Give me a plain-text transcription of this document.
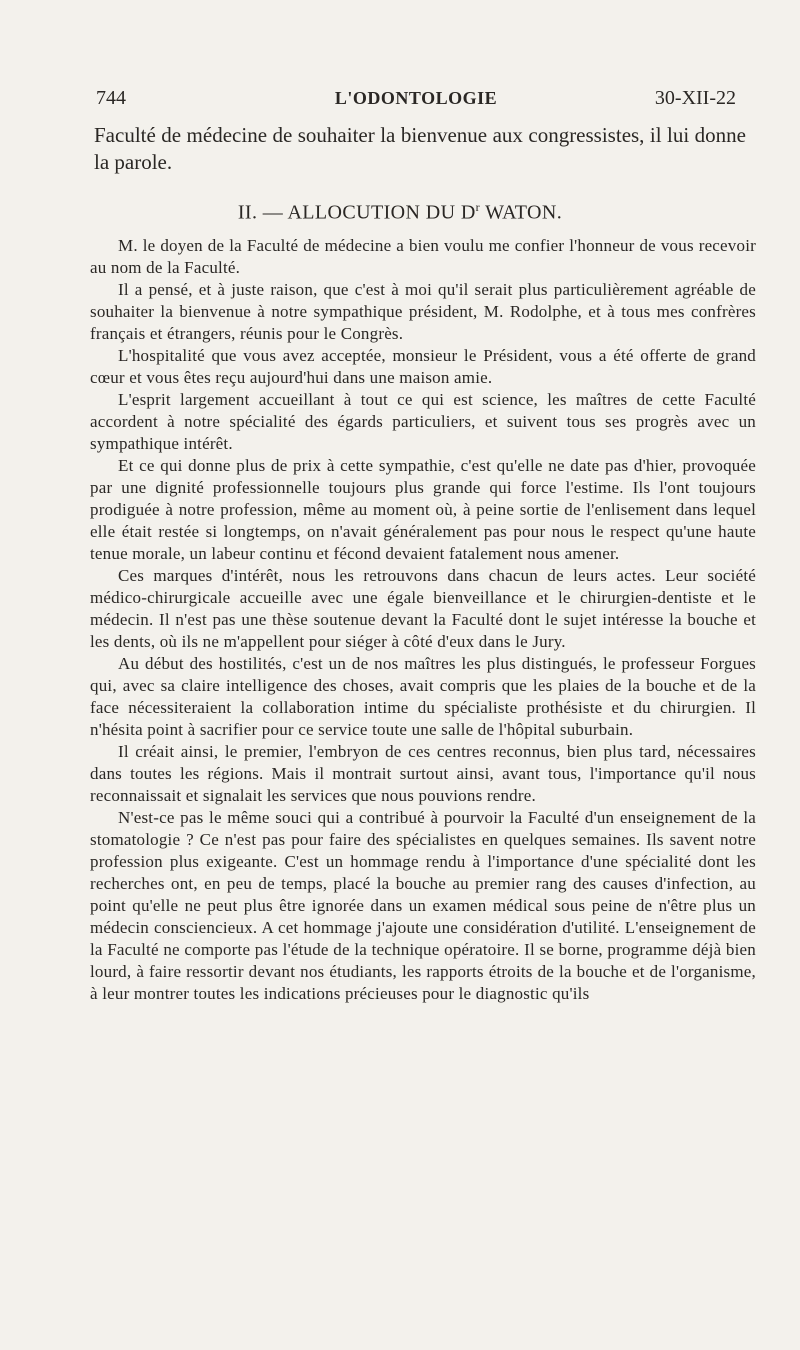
744	L'ODONTOLOGIE	30-XII-22

Faculté de médecine de souhaiter la bienvenue aux congressistes, il lui donne la parole.

II. — ALLOCUTION DU $D^r$ WATON.

M. le doyen de la Faculté de médecine a bien voulu me confier l'honneur de vous recevoir au nom de la Faculté.

Il a pensé, et à juste raison, que c'est à moi qu'il serait plus particulièrement agréable de souhaiter la bienvenue à notre sympathique président, M. Rodolphe, et à tous mes confrères français et étrangers, réunis pour le Congrès.

L'hospitalité que vous avez acceptée, monsieur le Président, vous a été offerte de grand cœur et vous êtes reçu aujourd'hui dans une maison amie.

L'esprit largement accueillant à tout ce qui est science, les maîtres de cette Faculté accordent à notre spécialité des égards particuliers, et suivent tous ses progrès avec un sympathique intérêt.

Et ce qui donne plus de prix à cette sympathie, c'est qu'elle ne date pas d'hier, provoquée par une dignité professionnelle toujours plus grande qui force l'estime. Ils l'ont toujours prodiguée à notre profession, même au moment où, à peine sortie de l'enlisement dans lequel elle était restée si longtemps, on n'avait généralement pas pour nous le respect qu'une haute tenue morale, un labeur continu et fécond devaient fatalement nous amener.

Ces marques d'intérêt, nous les retrouvons dans chacun de leurs actes. Leur société médico-chirurgicale accueille avec une égale bienveillance et le chirurgien-dentiste et le médecin. Il n'est pas une thèse soutenue devant la Faculté dont le sujet intéresse la bouche et les dents, où ils ne m'appellent pour siéger à côté d'eux dans le Jury.

Au début des hostilités, c'est un de nos maîtres les plus distingués, le professeur Forgues qui, avec sa claire intelligence des choses, avait compris que les plaies de la bouche et de la face nécessiteraient la collaboration intime du spécialiste prothésiste et du chirurgien. Il n'hésita point à sacrifier pour ce service toute une salle de l'hôpital suburbain.

Il créait ainsi, le premier, l'embryon de ces centres reconnus, bien plus tard, nécessaires dans toutes les régions. Mais il montrait surtout ainsi, avant tous, l'importance qu'il nous reconnaissait et signalait les services que nous pouvions rendre.

N'est-ce pas le même souci qui a contribué à pourvoir la Faculté d'un enseignement de la stomatologie ? Ce n'est pas pour faire des spécialistes en quelques semaines. Ils savent notre profession plus exigeante. C'est un hommage rendu à l'importance d'une spécialité dont les recherches ont, en peu de temps, placé la bouche au premier rang des causes d'infection, au point qu'elle ne peut plus être ignorée dans un examen médical sous peine de n'être plus un médecin consciencieux. A cet hommage j'ajoute une considération d'utilité. L'enseignement de la Faculté ne comporte pas l'étude de la technique opératoire. Il se borne, programme déjà bien lourd, à faire ressortir devant nos étudiants, les rapports étroits de la bouche et de l'organisme, à leur montrer toutes les indications précieuses pour le diagnostic qu'ils
